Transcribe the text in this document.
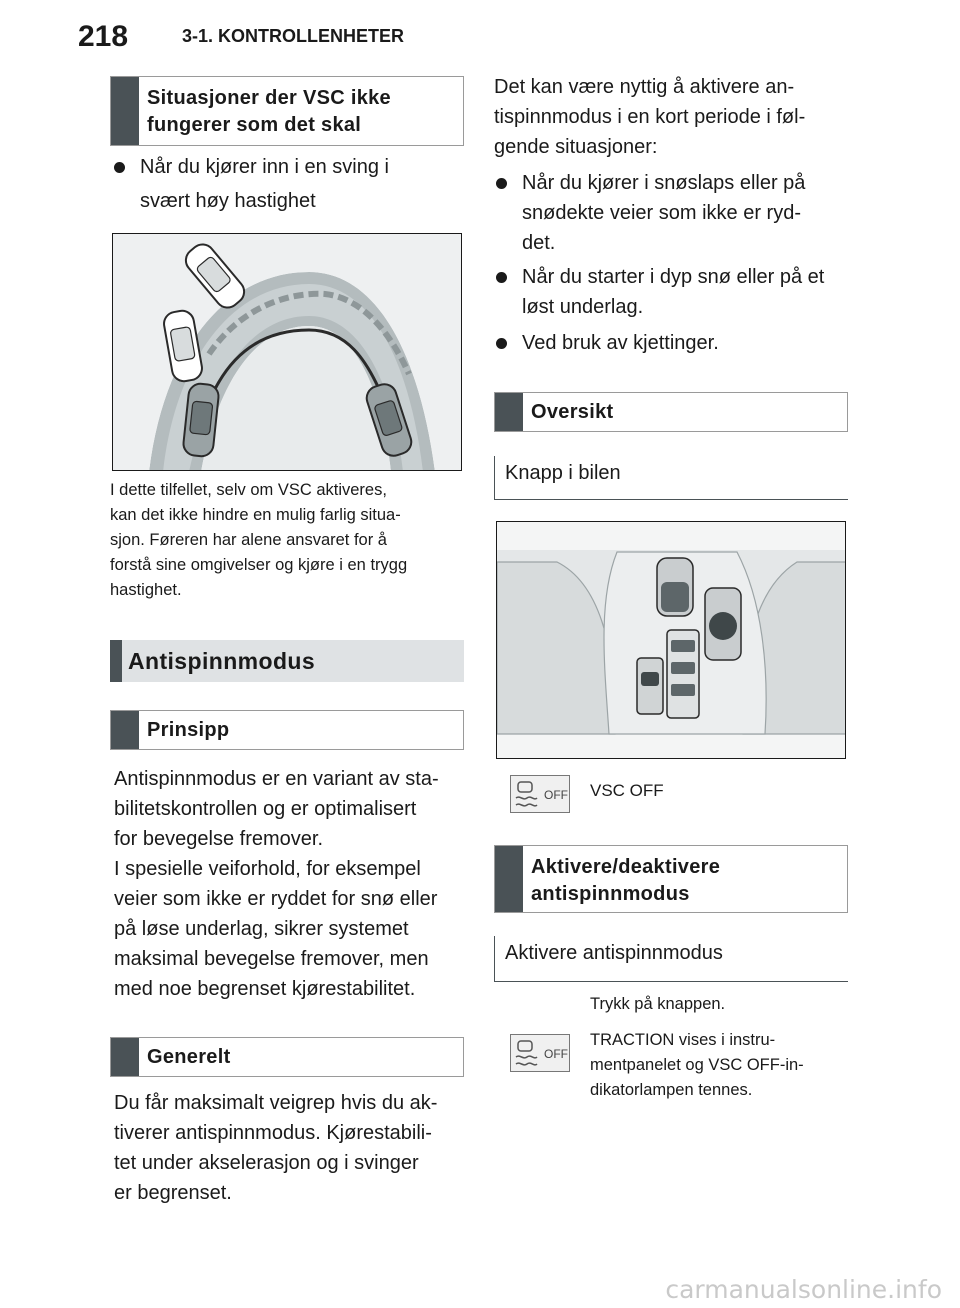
218	3-1. KONTROLLENHETER
Situasjoner der VSC ikke
fungerer som det skal
Når du kjører inn i en sving i
svært høy hastighet
I dette tilfellet, selv om VSC aktiveres,
kan det ikke hindre en mulig farlig situa-
sjon. Føreren har alene ansvaret for å
forstå sine omgivelser og kjøre i en trygg
hastighet.
Antispinnmodus
Prinsipp
Antispinnmodus er en variant av sta-
bilitetskontrollen og er optimalisert
for bevegelse fremover.
I spesielle veiforhold, for eksempel
veier som ikke er ryddet for snø eller
på løse underlag, sikrer systemet
maksimal bevegelse fremover, men
med noe begrenset kjørestabilitet.
Generelt
Du får maksimalt veigrep hvis du ak-
tiverer antispinnmodus. Kjørestabili-
tet under akselerasjon og i svinger
er begrenset.
Det kan være nyttig å aktivere an-
tispinnmodus i en kort periode i føl-
gende situasjoner:
Når du kjører i snøslaps eller på
snødekte veier som ikke er ryd-
det.
Når du starter i dyp snø eller på et
løst underlag.
Ved bruk av kjettinger.
Oversikt
Knapp i bilen
OFF VSC OFF
Aktivere/deaktivere
antispinnmodus
Aktivere antispinnmodus
Trykk på knappen.
OFF
TRACTION vises i instru-
mentpanelet og VSC OFF-in-
dikatorlampen tennes.
carmanualsonline.info
